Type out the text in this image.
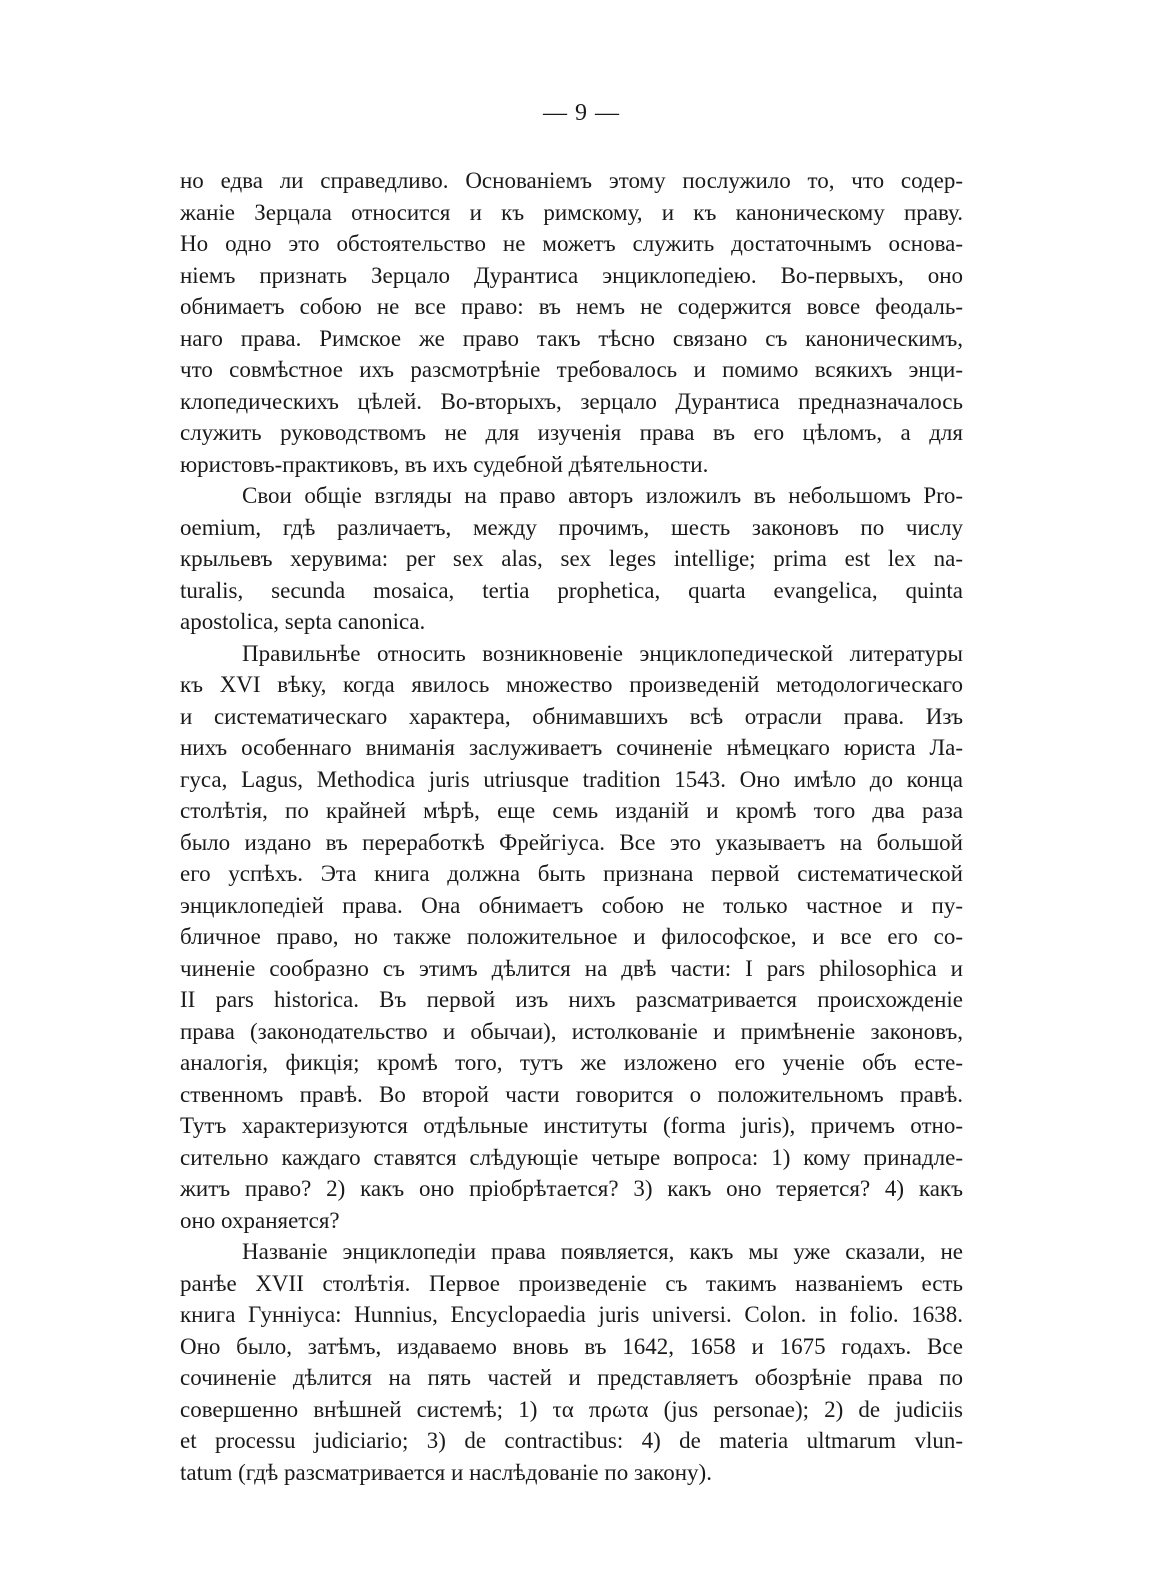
— 9 —
но едва ли справедливо. Основаніемъ этому послужило то, что содер-
жаніе Зерцала относится и къ римскому, и къ каноническому праву.
Но одно это обстоятельство не можетъ служить достаточнымъ основа-
ніемъ признать Зерцало Дурантиса энциклопедіею. Во-первыхъ, оно
обнимаетъ собою не все право: въ немъ не содержится вовсе феодаль-
наго права. Римское же право такъ тѣсно связано съ каноническимъ,
что совмѣстное ихъ разсмотрѣніе требовалось и помимо всякихъ энци-
клопедическихъ цѣлей. Во-вторыхъ, зерцало Дурантиса предназначалось
служить руководствомъ не для изученія права въ его цѣломъ, а для
юристовъ-практиковъ, въ ихъ судебной дѣятельности.
Свои общіе взгляды на право авторъ изложилъ въ небольшомъ Pro-
oemium, гдѣ различаетъ, между прочимъ, шесть законовъ по числу
крыльевъ херувима: per sex alas, sex leges intellige; prima est lex na-
turalis, secunda mosaica, tertia prophetica, quarta evangelica, quinta
apostolica, septa canonica.
Правильнѣе относить возникновеніе энциклопедической литературы
къ XVI вѣку, когда явилось множество произведеній методологическаго
и систематическаго характера, обнимавшихъ всѣ отрасли права. Изъ
нихъ особеннаго вниманія заслуживаетъ сочиненіе нѣмецкаго юриста Ла-
гуса, Lagus, Methodica juris utriusque tradition 1543. Оно имѣло до конца
столѣтія, по крайней мѣрѣ, еще семь изданій и кромѣ того два раза
было издано въ переработкѣ Фрейгіуса. Все это указываетъ на большой
его успѣхъ. Эта книга должна быть признана первой систематической
энциклопедіей права. Она обнимаетъ собою не только частное и пу-
бличное право, но также положительное и философское, и все его со-
чиненіе сообразно съ этимъ дѣлится на двѣ части: I pars philosophica и
II pars historica. Въ первой изъ нихъ разсматривается происхожденіе
права (законодательство и обычаи), истолкованіе и примѣненіе законовъ,
аналогія, фикція; кромѣ того, тутъ же изложено его ученіе объ есте-
ственномъ правѣ. Во второй части говорится о положительномъ правѣ.
Тутъ характеризуются отдѣльные институты (forma juris), причемъ отно-
сительно каждаго ставятся слѣдующіе четыре вопроса: 1) кому принадле-
житъ право? 2) какъ оно пріобрѣтается? 3) какъ оно теряется? 4) какъ
оно охраняется?
Названіе энциклопедіи права появляется, какъ мы уже сказали, не
ранѣе XVII столѣтія. Первое произведеніе съ такимъ названіемъ есть
книга Гунніуса: Hunnius, Encyclopaedia juris universi. Colon. in folio. 1638.
Оно было, затѣмъ, издаваемо вновь въ 1642, 1658 и 1675 годахъ. Все
сочиненіе дѣлится на пять частей и представляетъ обозрѣніе права по
совершенно внѣшней системѣ; 1) τα πρωτα (jus personae); 2) de judiciis
et processu judiciario; 3) de contractibus: 4) de materia ultmarum vlun-
tatum (гдѣ разсматривается и наслѣдованіе по закону).
